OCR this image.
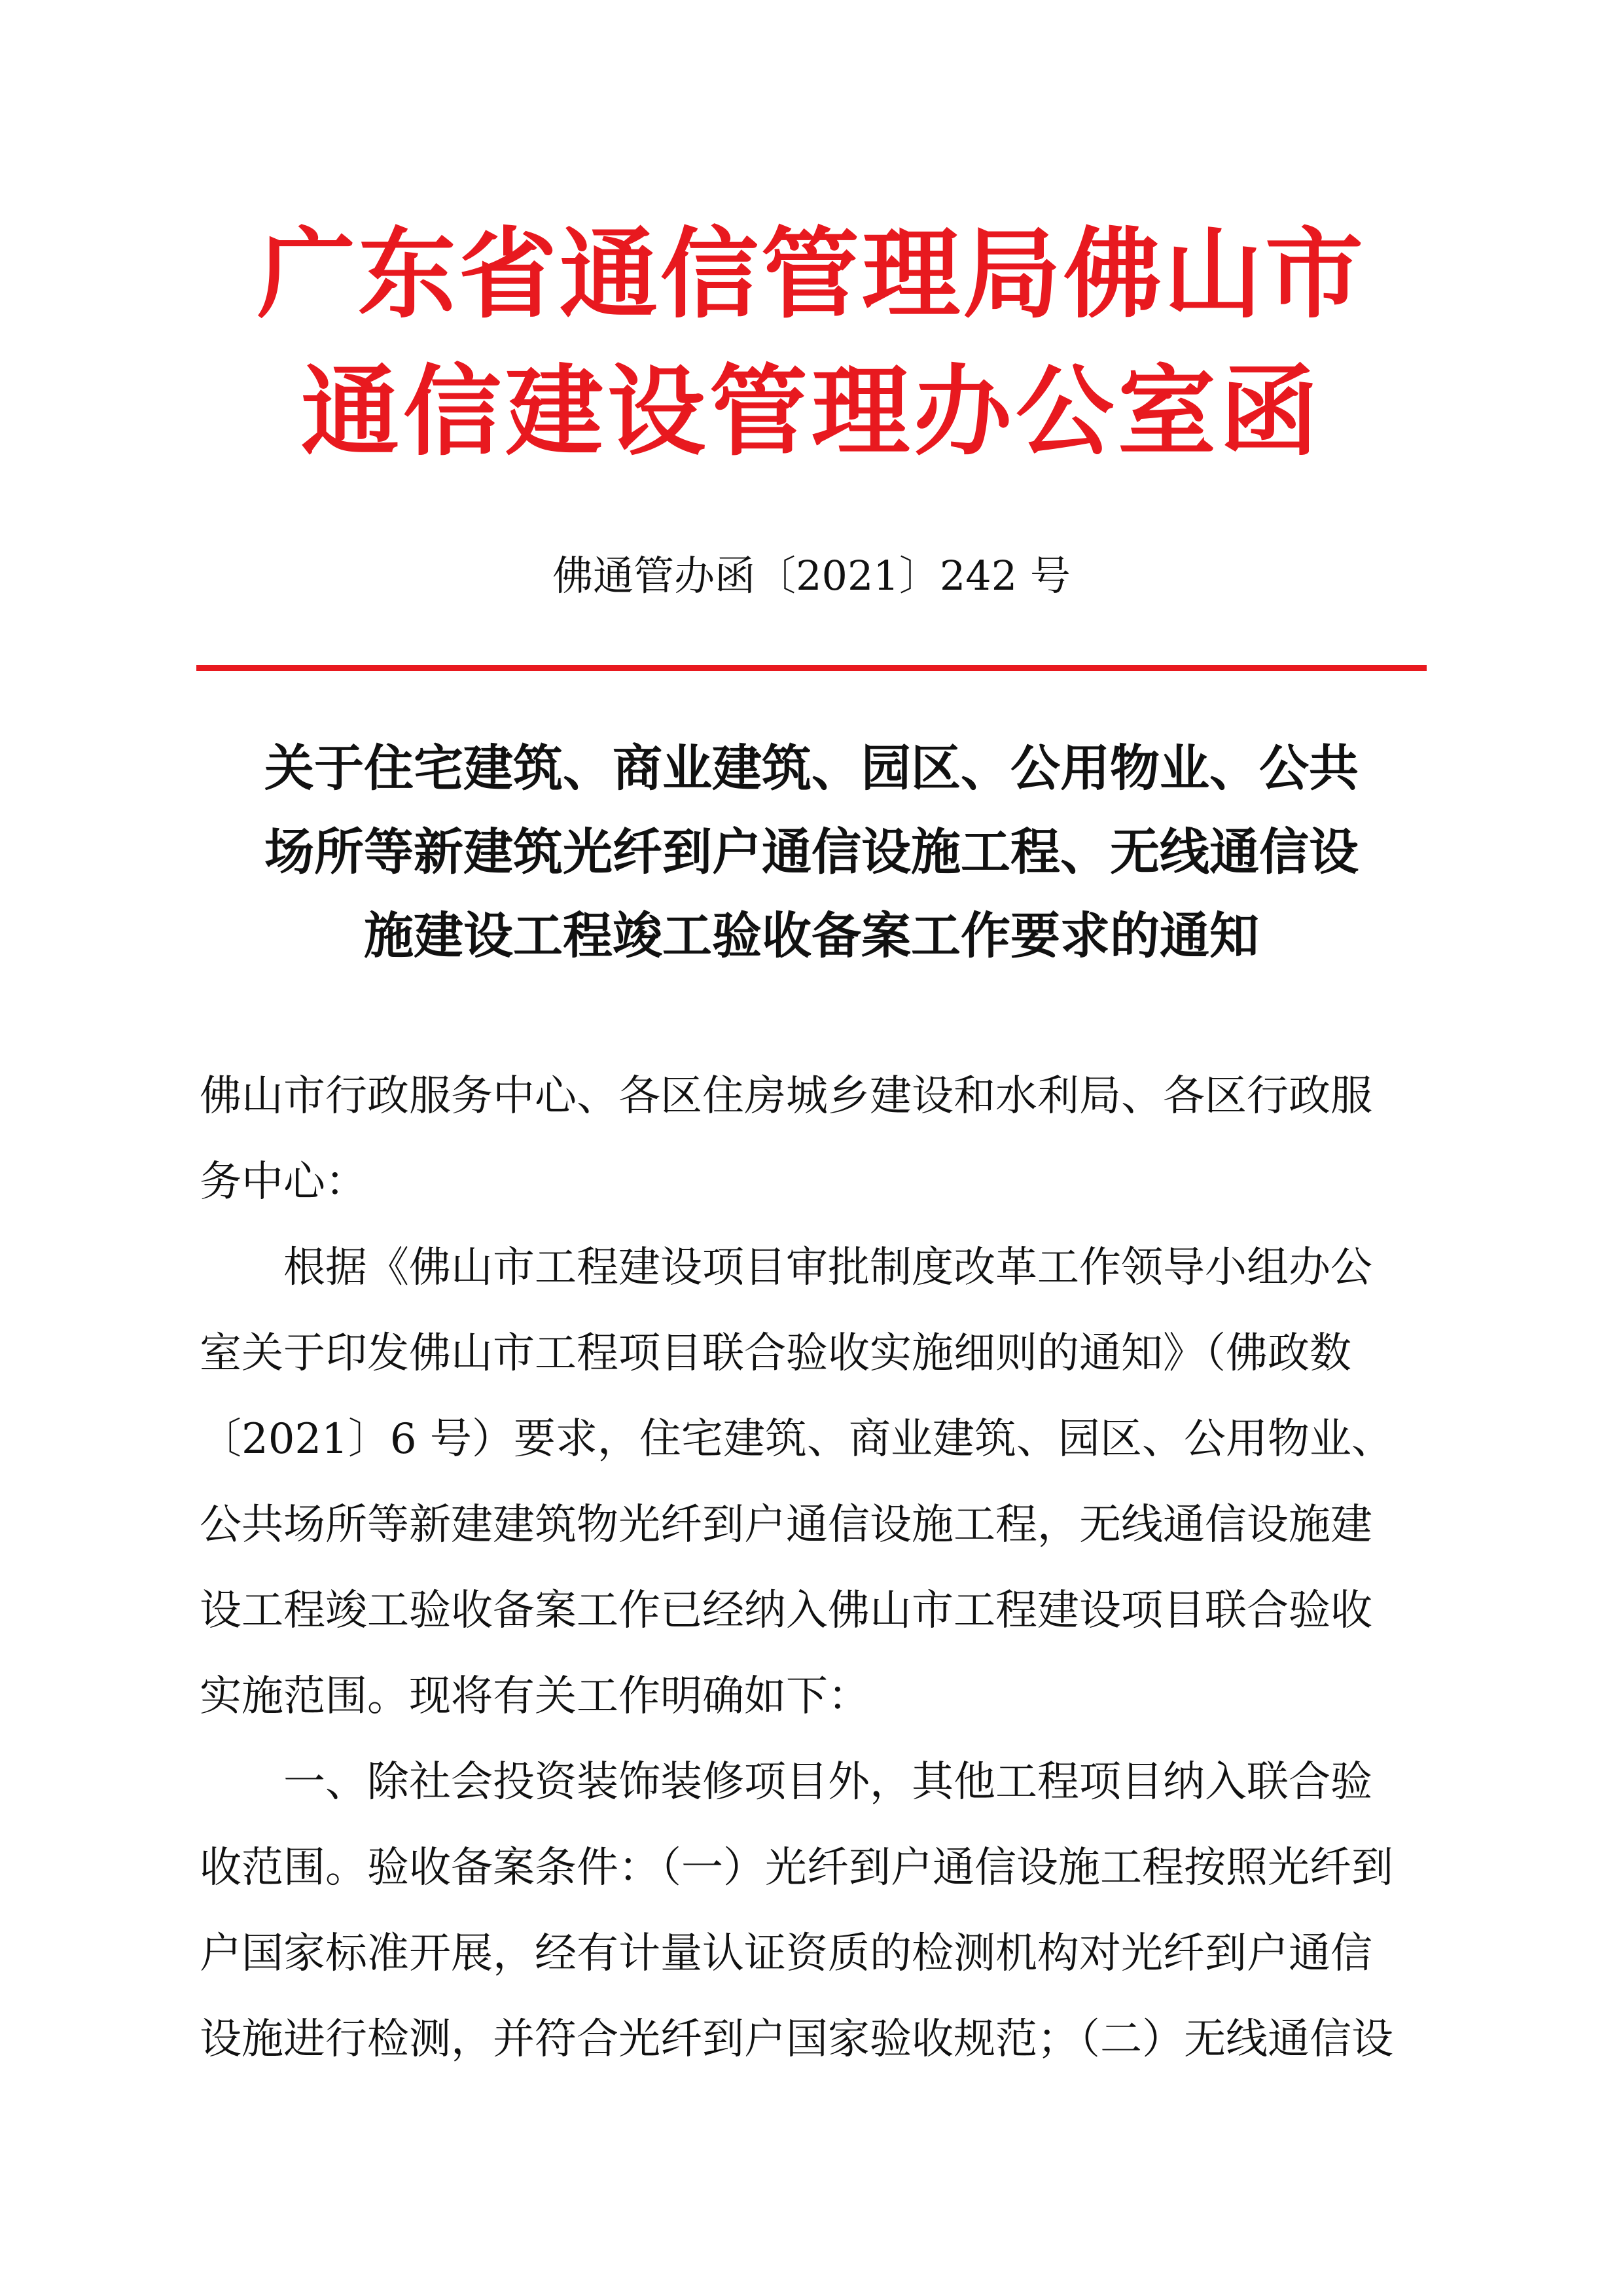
广东省通信管理局佛山市
通信建设管理办公室函
佛通管办函〔2021〕242 号
关于住宅建筑、商业建筑、园区、公用物业、公共
场所等新建筑光纤到户通信设施工程、无线通信设
施建设工程竣工验收备案工作要求的通知
佛山市行政服务中心、各区住房城乡建设和水利局、各区行政服
务中心：
　　根据《佛山市工程建设项目审批制度改革工作领导小组办公
室关于印发佛山市工程项目联合验收实施细则的通知》（佛政数
〔2021〕6 号）要求，住宅建筑、商业建筑、园区、公用物业、
公共场所等新建建筑物光纤到户通信设施工程，无线通信设施建
设工程竣工验收备案工作已经纳入佛山市工程建设项目联合验收
实施范围。现将有关工作明确如下：
　　一、除社会投资装饰装修项目外，其他工程项目纳入联合验
收范围。验收备案条件：（一）光纤到户通信设施工程按照光纤到
户国家标准开展，经有计量认证资质的检测机构对光纤到户通信
设施进行检测，并符合光纤到户国家验收规范；（二）无线通信设
